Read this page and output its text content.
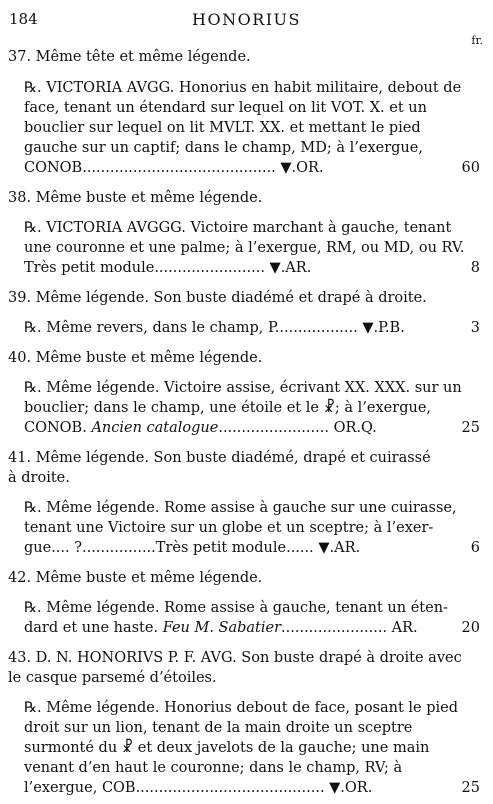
184	HONORIUS
fr.
37. Même tête et même légende.
℞. VICTORIA AVGG. Honorius en habit militaire, debout de
face, tenant un étendard sur lequel on lit VOT. X. et un
bouclier sur lequel on lit MVLT. XX. et mettant le pied
gauche sur un captif; dans le champ, MD; à l’exergue,
CONOB.......................................... ▼.OR.	60
38. Même buste et même légende.
℞. VICTORIA AVGGG. Victoire marchant à gauche, tenant
une couronne et une palme; à l’exergue, RM, ou MD, ou RV.
Très petit module........................ ▼.AR.	8
39. Même légende. Son buste diadémé et drapé à droite.
℞. Même revers, dans le champ, P.................. ▼.P.B.	3
40. Même buste et même légende.
℞. Même légende. Victoire assise, écrivant XX. XXX. sur un
bouclier; dans le champ, une étoile et le ☧; à l’exergue,
CONOB. Ancien catalogue........................ OR.Q.	25
41. Même légende. Son buste diadémé, drapé et cuirassé
à droite.
℞. Même légende. Rome assise à gauche sur une cuirasse,
tenant une Victoire sur un globe et un sceptre; à l’exer-
gue.... ?................Très petit module...... ▼.AR.	6
42. Même buste et même légende.
℞. Même légende. Rome assise à gauche, tenant un éten-
dard et une haste. Feu M. Sabatier....................... AR.	20
43. D. N. HONORIVS P. F. AVG. Son buste drapé à droite avec
le casque parsemé d’étoiles.
℞. Même légende. Honorius debout de face, posant le pied
droit sur un lion, tenant de la main droite un sceptre
surmonté du ☧ et deux javelots de la gauche; une main
venant d’en haut le couronne; dans le champ, RV; à
l’exergue, COB......................................... ▼.OR.	25
